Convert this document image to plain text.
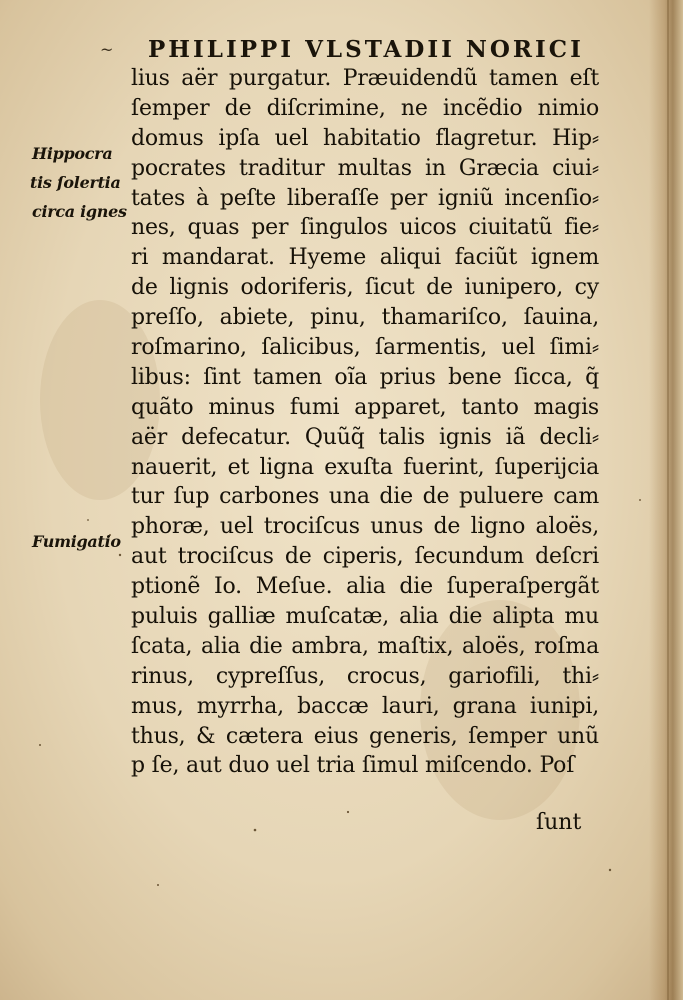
~ PHILIPPI VLSTADII NORICI
Hippocra
tis ſolertia
circa ignes
Fumigatio
lius aër purgatur. Præuidendũ tamen eſt
ſemper de diſcrimine, ne incẽdio nimio
domus ipſa uel habitatio flagretur. Hip⸗
pocrates traditur multas in Græcia ciui⸗
tates à peſte liberaſſe per igniũ incenſio⸗
nes, quas per ſingulos uicos ciuitatũ fie⸗
ri mandarat. Hyeme aliqui faciũt ignem
de lignis odoriferis, ſicut de iunipero, cy
preſſo, abiete, pinu, thamariſco, ſauina,
roſmarino, ſalicibus, ſarmentis, uel ſimi⸗
libus: ſint tamen oĩa prius bene ſicca, q̃
quãto minus fumi apparet, tanto magis
aër defecatur. Quũq̃ talis ignis iã decli⸗
nauerit, et ligna exuſta fuerint, ſuperijcia
tur ſup carbones una die de puluere cam
phoræ, uel trociſcus unus de ligno aloës,
aut trociſcus de ciperis, ſecundum deſcri
ptionẽ Io. Meſue. alia die ſuperaſpergãt
puluis galliæ muſcatæ, alia die alipta mu
ſcata, alia die ambra, maſtix, aloës, roſma
rinus, cypreſſus, crocus, gariofili, thi⸗
mus, myrrha, baccæ lauri, grana iunipi,
thus, & cætera eius generis, ſemper unũ
p ſe, aut duo uel tria ſimul miſcendo. Poſ
ſunt
